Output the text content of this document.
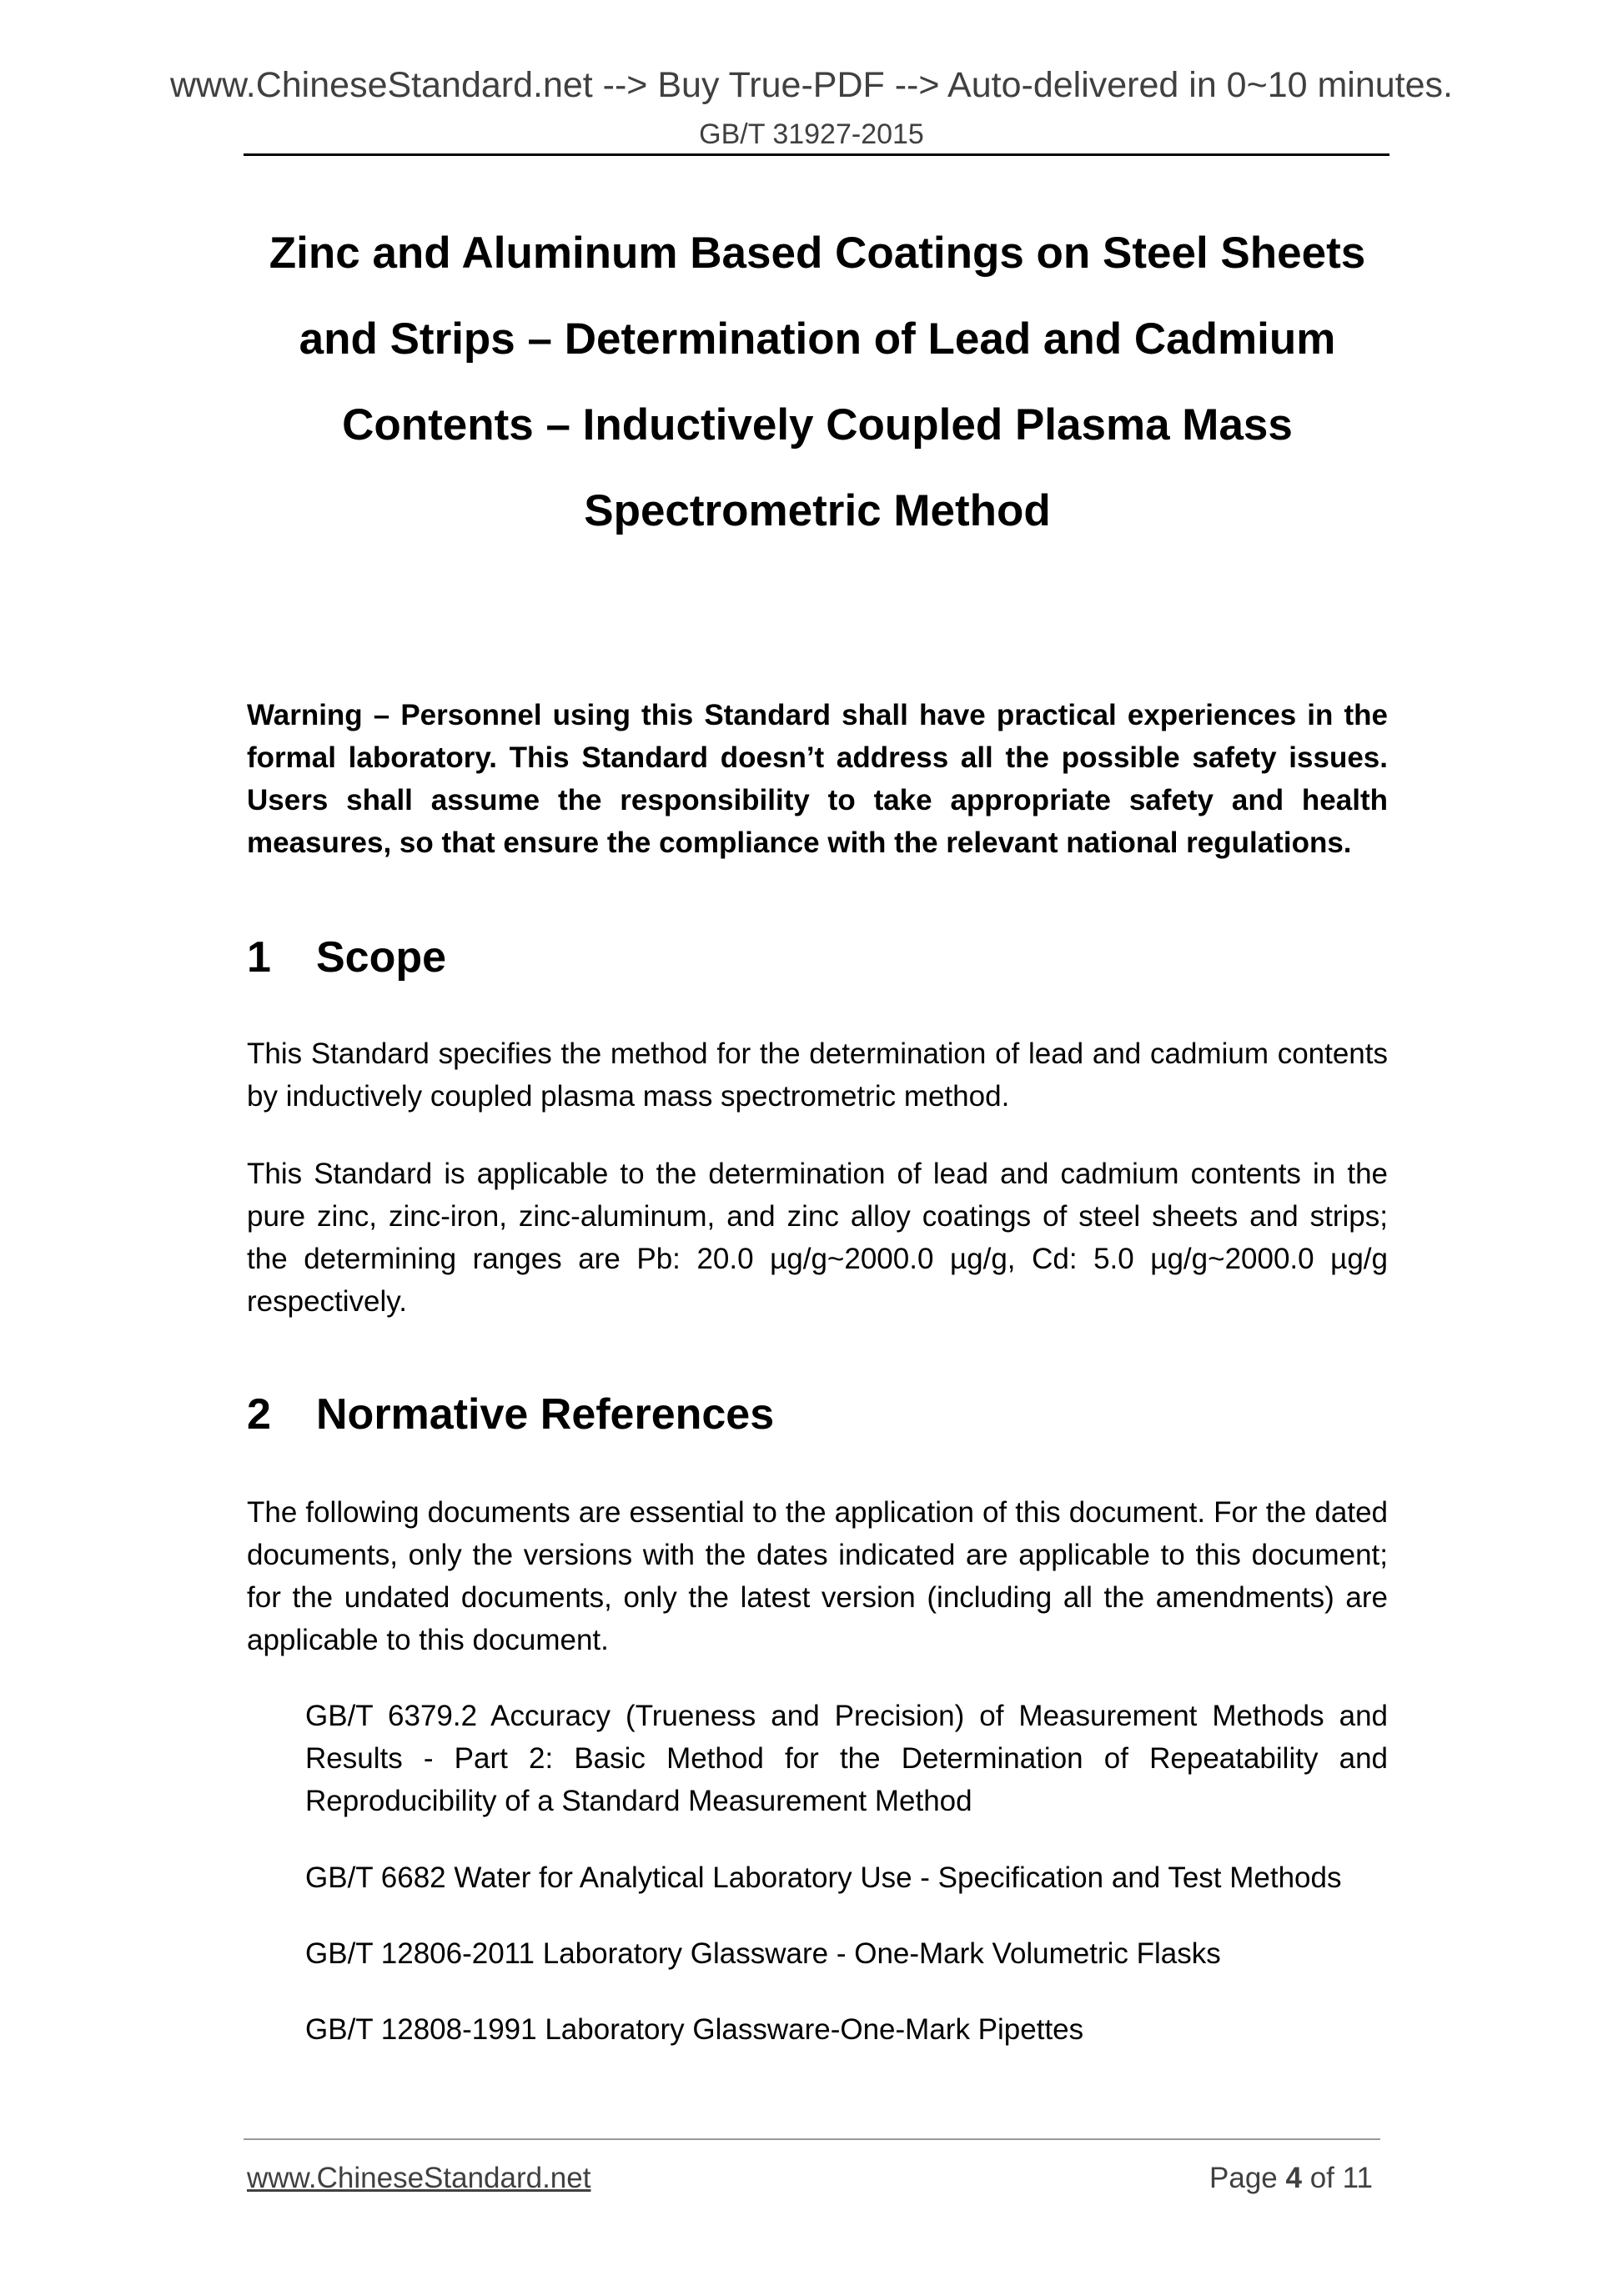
www.ChineseStandard.net --> Buy True-PDF --> Auto-delivered in 0~10 minutes.
GB/T 31927-2015
Zinc and Aluminum Based Coatings on Steel Sheets and Strips – Determination of Lead and Cadmium Contents – Inductively Coupled Plasma Mass Spectrometric Method
Warning – Personnel using this Standard shall have practical experiences in the formal laboratory. This Standard doesn’t address all the possible safety issues. Users shall assume the responsibility to take appropriate safety and health measures, so that ensure the compliance with the relevant national regulations.
1 Scope
This Standard specifies the method for the determination of lead and cadmium contents by inductively coupled plasma mass spectrometric method.
This Standard is applicable to the determination of lead and cadmium contents in the pure zinc, zinc-iron, zinc-aluminum, and zinc alloy coatings of steel sheets and strips; the determining ranges are Pb: 20.0 µg/g~2000.0 µg/g, Cd: 5.0 µg/g~2000.0 µg/g respectively.
2 Normative References
The following documents are essential to the application of this document. For the dated documents, only the versions with the dates indicated are applicable to this document; for the undated documents, only the latest version (including all the amendments) are applicable to this document.
GB/T 6379.2 Accuracy (Trueness and Precision) of Measurement Methods and Results - Part 2: Basic Method for the Determination of Repeatability and Reproducibility of a Standard Measurement Method
GB/T 6682 Water for Analytical Laboratory Use - Specification and Test Methods
GB/T 12806-2011 Laboratory Glassware - One-Mark Volumetric Flasks
GB/T 12808-1991 Laboratory Glassware-One-Mark Pipettes
www.ChineseStandard.net	Page 4 of 11
